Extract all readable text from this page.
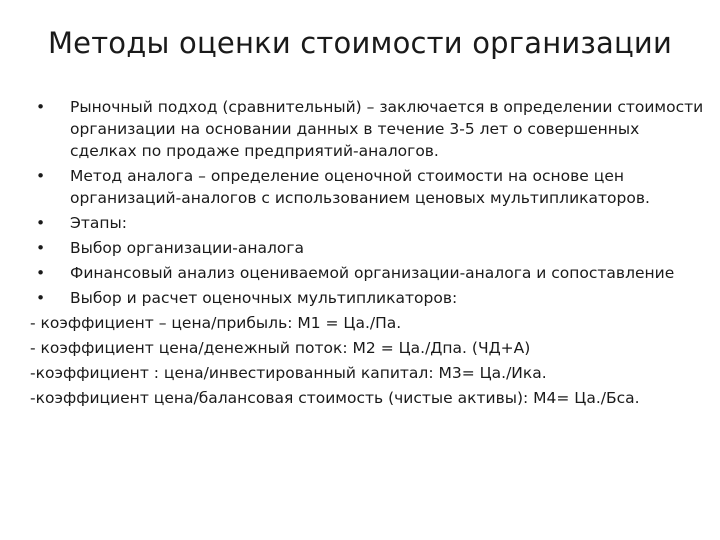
Методы оценки стоимости организации
•	Рыночный подход (сравнительный) – заключается в определении стоимости организации на основании данных в течение 3-5 лет о совершенных сделках по продаже предприятий-аналогов.
•	Метод аналога – определение оценочной стоимости на основе цен организаций-аналогов с использованием ценовых мультипликаторов.
•	Этапы:
•	Выбор организации-аналога
•	Финансовый анализ оцениваемой организации-аналога и сопоставление
•	Выбор и расчет оценочных мультипликаторов:
- коэффициент – цена/прибыль: М1 = Ца./Па.
- коэффициент цена/денежный поток: М2 = Ца./Дпа. (ЧД+А)
-коэффициент : цена/инвестированный капитал: М3= Ца./Ика.
-коэффициент цена/балансовая стоимость (чистые активы): М4= Ца./Бса.
